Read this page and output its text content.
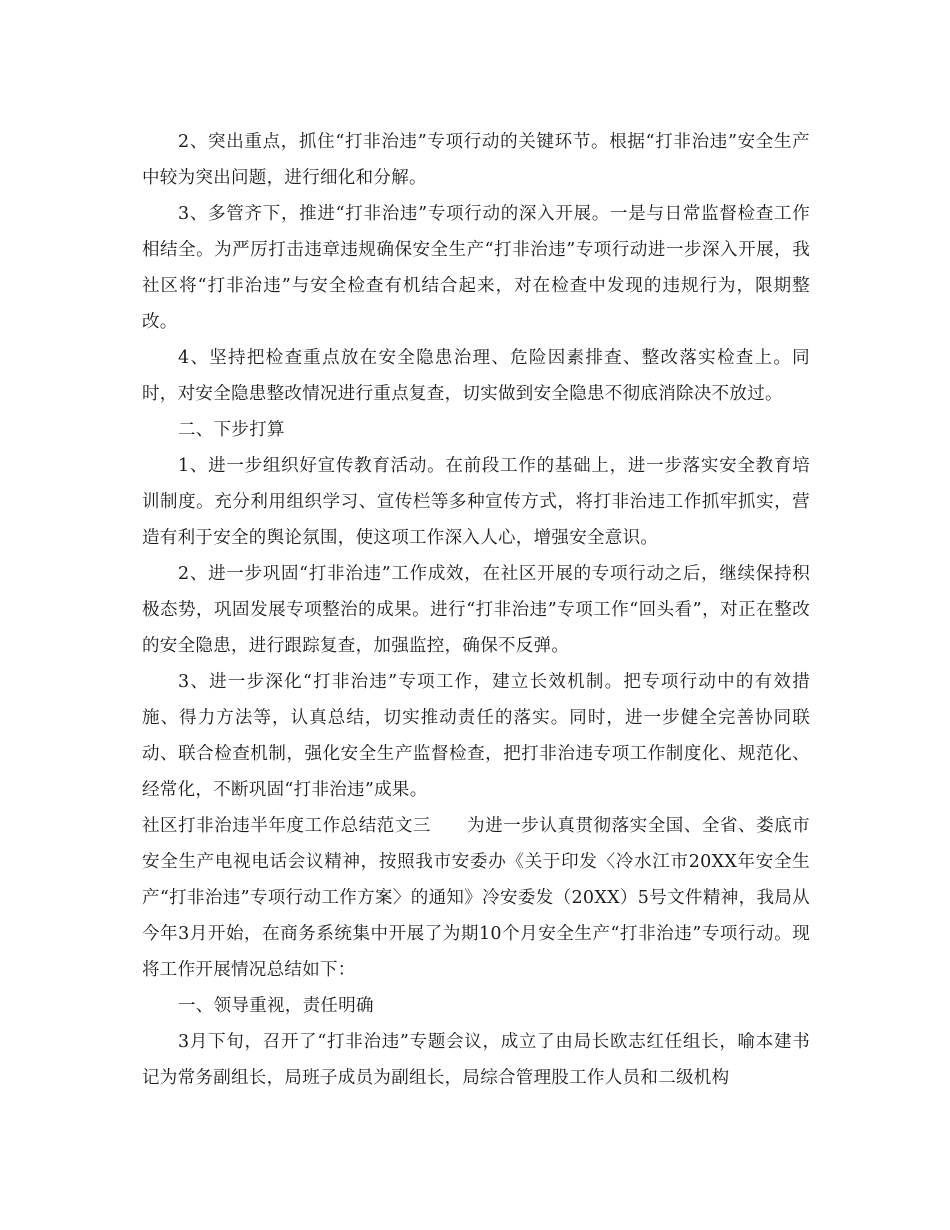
2、突出重点，抓住“打非治违”专项行动的关键环节。根据“打非治违”安全生产中较为突出问题，进行细化和分解。

3、多管齐下，推进“打非治违”专项行动的深入开展。一是与日常监督检查工作相结全。为严厉打击违章违规确保安全生产“打非治违”专项行动进一步深入开展，我社区将“打非治违”与安全检查有机结合起来，对在检查中发现的违规行为，限期整改。

4、坚持把检查重点放在安全隐患治理、危险因素排查、整改落实检查上。同时，对安全隐患整改情况进行重点复查，切实做到安全隐患不彻底消除决不放过。

二、下步打算

1、进一步组织好宣传教育活动。在前段工作的基础上，进一步落实安全教育培训制度。充分利用组织学习、宣传栏等多种宣传方式，将打非治违工作抓牢抓实，营造有利于安全的舆论氛围，使这项工作深入人心，增强安全意识。

2、进一步巩固“打非治违”工作成效，在社区开展的专项行动之后，继续保持积极态势，巩固发展专项整治的成果。进行“打非治违”专项工作“回头看”，对正在整改的安全隐患，进行跟踪复查，加强监控，确保不反弹。

3、进一步深化“打非治违”专项工作，建立长效机制。把专项行动中的有效措施、得力方法等，认真总结，切实推动责任的落实。同时，进一步健全完善协同联动、联合检查机制，强化安全生产监督检查，把打非治违专项工作制度化、规范化、经常化，不断巩固“打非治违”成果。

社区打非治违半年度工作总结范文三　　为进一步认真贯彻落实全国、全省、娄底市安全生产电视电话会议精神，按照我市安委办《关于印发〈冷水江市20XX年安全生产“打非治违”专项行动工作方案〉的通知》冷安委发（20XX）5号文件精神，我局从今年3月开始，在商务系统集中开展了为期10个月安全生产“打非治违”专项行动。现将工作开展情况总结如下：

一、领导重视，责任明确

3月下旬，召开了“打非治违”专题会议，成立了由局长欧志红任组长，喻本建书记为常务副组长，局班子成员为副组长，局综合管理股工作人员和二级机构
